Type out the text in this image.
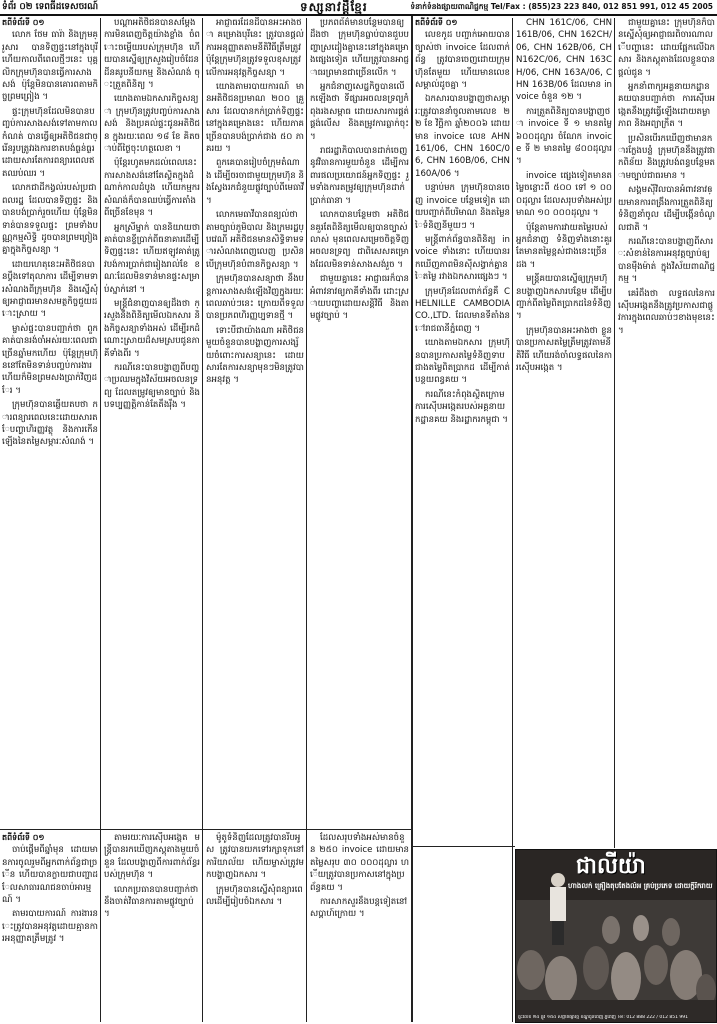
ទំព័រ ០២ ទេពធីដទេសចរណ៍	ទស្សនាវដ្តីខ្មែរ	ទំនាក់ទំនងផ្សាយពាណិជ្ជកម្ម Tel/Fax : (855)23 223 840, 012 851 991, 012 45 2005
តពីទំព័រទី ០១

លោក ថែម ធារ៉ា និងក្រុមគ្រួសារ បានទិញផ្ទះនៅក្នុងបុរី ហើយកាលពីពេលថ្មីៗនេះ បុគ្គលិកក្រុមហ៊ុនបានធ្វើការសាងសង់ ប៉ុន្តែមិនបានគោរពតាមកិច្ចព្រមព្រៀង ។

ផ្ទះក្រុមហ៊ុនដែលមិនបានបញ្ចប់ការសាងសង់ទៅតាមកាលកំណត់ បានធ្វើឲ្យអតិថិជនជាច្រើនរូបត្រូវរងការខាតបង់ធ្ងន់ធ្ងរ ដោយសារតែការពន្យារពេលឥតឈប់ឈរ ។

លោកជាដីកង្វល់របស់ប្រជាពលរដ្ឋ ដែលបានទិញផ្ទះ និងបានបង់ប្រាក់រួចហើយ ប៉ុន្តែមិនទាន់បានទទួលផ្ទះ ព្រមទាំងបណ្ណកម្មសិទ្ធិ ដូចបានព្រមព្រៀងគ្នាក្នុងកិច្ចសន្យា ។

ដោយហេតុនេះអតិថិជនបានប្តឹងទៅតុលាការ ដើម្បីទាមទារសំណងពីក្រុមហ៊ុន និងស្នើសុំឲ្យអាជ្ញាធរមានសមត្ថកិច្ចជួយដោះស្រាយ ។

ម្ចាស់ផ្ទះបានបញ្ជាក់ថា ពួកគាត់បានរង់ចាំអស់រយៈពេលជាច្រើនឆ្នាំមកហើយ ប៉ុន្តែក្រុមហ៊ុននៅតែមិនទាន់បញ្ចប់ការងារ ហើយក៏មិនព្រមសងប្រាក់វិញដែរ ។

ក្រុមហ៊ុនបានឆ្លើយតបថា ការពន្យារពេលនេះដោយសារតែបញ្ហាហិរញ្ញវត្ថុ និងការកើនឡើងនៃតម្លៃសម្ភារៈសំណង់ ។

បណ្តាអតិថិជនបានសម្តែងការមិនពេញចិត្តយ៉ាងខ្លាំង ចំពោះចម្លើយរបស់ក្រុមហ៊ុន ហើយបានស្នើឲ្យក្រសួងរៀបចំដែនដីនគរូបនីយកម្ម និងសំណង់ ចុះត្រួតពិនិត្យ ។

យោងតាមឯកសារកិច្ចសន្យា ក្រុមហ៊ុនត្រូវបញ្ចប់ការសាងសង់ និងប្រគល់ផ្ទះជូនអតិថិជន ក្នុងរយៈពេល ១៨ ខែ គិតចាប់ពីថ្ងៃចុះហត្ថលេខា ។

ប៉ុន្តែរហូតមកដល់ពេលនេះ ការសាងសង់នៅតែស្ថិតក្នុងដំណាក់កាលដំបូង ហើយកម្មករសំណង់ក៏បានឈប់ធ្វើការតាំងពីច្រើនខែមុន ។

អ្នកស្រីម្នាក់ បាននិយាយថា គាត់បានខ្ចីប្រាក់ពីធនាគារដើម្បីទិញផ្ទះនេះ ហើយឥឡូវគាត់ត្រូវបង់ការប្រាក់ជារៀងរាល់ខែ ខណៈដែលមិនទាន់មានផ្ទះសម្រាប់ស្នាក់នៅ ។

មន្ត្រីជំនាញបានឲ្យដឹងថា ក្រសួងនឹងពិនិត្យមើលឯកសារ និងកិច្ចសន្យាទាំងអស់ ដើម្បីរកដំណោះស្រាយដ៏សមស្របជូនភាគីទាំងពីរ ។

ករណីនេះបានបង្ហាញពីបញ្ហាប្រឈមក្នុងវិស័យអចលនទ្រព្យ ដែលតម្រូវឲ្យមានច្បាប់ និងបទប្បញ្ញត្តិកាន់តែតឹងរ៉ឹង ។

អាជ្ញាធរដែនដីបានអះអាងថា គម្រោងបុរីនេះ ត្រូវបានផ្តល់ការអនុញ្ញាតតាមនីតិវិធីត្រឹមត្រូវ ប៉ុន្តែក្រុមហ៊ុនត្រូវទទួលខុសត្រូវលើការអនុវត្តកិច្ចសន្យា ។

យោងតាមរបាយការណ៍ មានអតិថិជនប្រមាណ ២០០ គ្រួសារ ដែលបានកក់ប្រាក់ទិញផ្ទះនៅក្នុងគម្រោងនេះ ហើយភាគច្រើនបានបង់ប្រាក់ជាង ៥០ ភាគរយ ។

ពួកគេបានរៀបចំក្រុមតំណាង ដើម្បីចរចាជាមួយក្រុមហ៊ុន និងស្វែងរកជំនួយផ្លូវច្បាប់ពីមេធាវី ។

លោកមេធាវីបានពន្យល់ថា តាមច្បាប់ភូមិបាល និងក្រមរដ្ឋប្បវេណី អតិថិជនមានសិទ្ធិទាមទារសំណងពេញលេញ ប្រសិនបើក្រុមហ៊ុនបំពានកិច្ចសន្យា ។

ក្រុមហ៊ុនបានសន្យាថា នឹងបន្តការសាងសង់ឡើងវិញក្នុងរយៈពេលឆាប់ៗនេះ ក្រោយពីទទួលបានប្រភពហិរញ្ញប្បទានថ្មី ។

ទោះបីជាយ៉ាងណា អតិថិជនមួយចំនួនបានបង្ហាញការសង្ស័យចំពោះការសន្យានេះ ដោយសារតែការសន្យាមុនៗមិនត្រូវបានអនុវត្ត ។

ប្រភពព័ត៌មានបន្ថែមបានឲ្យដឹងថា ក្រុមហ៊ុនធ្លាប់បានជួបបញ្ហាស្រដៀងគ្នានេះនៅក្នុងគម្រោងផ្សេងទៀត ហើយត្រូវបានអាជ្ញាធរព្រមានជាច្រើនលើក ។

អ្នកជំនាញសេដ្ឋកិច្ចបានលើកឡើងថា ទីផ្សារអចលនទ្រព្យកំពុងរងសម្ពាធ ដោយសារការផ្គត់ផ្គង់លើស និងតម្រូវការធ្លាក់ចុះ ។

រាជរដ្ឋាភិបាលបានដាក់ចេញនូវវិធានការមួយចំនួន ដើម្បីការពារផលប្រយោជន៍អ្នកទិញផ្ទះ រួមទាំងការតម្រូវឲ្យក្រុមហ៊ុនដាក់ប្រាក់ធានា ។

លោកបានបន្ថែមថា អតិថិជនគួរតែពិនិត្យមើលឲ្យបានច្បាស់លាស់ មុនពេលសម្រេចចិត្តទិញអចលនទ្រព្យ ជាពិសេសគម្រោងដែលមិនទាន់សាងសង់រួច ។

ជាមួយគ្នានេះ អាជ្ញាធរក៏បានអំពាវនាវឲ្យភាគីទាំងពីរ ដោះស្រាយបញ្ហាដោយសន្តិវិធី និងតាមផ្លូវច្បាប់ ។

តពីទំព័រទី ០១

លេខកូដ បញ្ជាក់អោយបានច្បាស់ថា invoice ដែលពាក់ព័ន្ធ ត្រូវបានចេញដោយក្រុមហ៊ុនតែមួយ ហើយមានលេខសម្គាល់ដូចគ្នា ។

ឯកសារបានបង្ហាញថាសម្ភារៈត្រូវបាននាំចូលតាមលេខ ២២ ខែ វិច្ឆិកា ឆ្នាំ២០០៦ ដោយមាន invoice លេខ AHN 161/06, CHN 160C/06, CHN 160B/06, CHN 160A/06 ។

បន្ទាប់មក ក្រុមហ៊ុនបានចេញ invoice បន្ថែមទៀត ដោយបញ្ជាក់ពីបរិមាណ និងតម្លៃនៃទំនិញនីមួយៗ ។

មន្ត្រីពាក់ព័ន្ធបានពិនិត្យ invoice ទាំងនោះ ហើយបានរកឃើញភាពមិនស៊ីសង្វាក់គ្នានៃតម្លៃ រវាងឯកសារផ្សេងៗ ។

ក្រុមហ៊ុនដែលពាក់ព័ន្ធគឺ CHELNILLE CAMBODIA CO.,LTD. ដែលមានទីតាំងនៅរាជធានីភ្នំពេញ ។

យោងតាមឯកសារ ក្រុមហ៊ុនបានប្រកាសតម្លៃទំនិញទាបជាងតម្លៃពិតប្រាកដ ដើម្បីកាត់បន្ថយពន្ធគយ ។

ករណីនេះកំពុងស្ថិតក្រោមការស៊ើបអង្កេតរបស់អគ្គនាយកដ្ឋានគយ និងរដ្ឋាករកម្ពុជា ។

CHN 161C/06, CHN 161B/06, CHN 162CH/06, CHN 162B/06, CHN162C/06, CHN 163CH/06, CHN 163A/06, CHN 163B/06 ដែលមាន invoice ចំនួន ១២ ។

ការត្រួតពិនិត្យបានបង្ហាញថា invoice ទី ១ មានតម្លៃ ៦០០ដុល្លារ ចំណែក invoice ទី ២ មានតម្លៃ ៨០០ដុល្លារ ។

invoice ផ្សេងទៀតមានតម្លៃចន្លោះពី ៥០០ ទៅ ១ ០០០ដុល្លារ ដែលសរុបទាំងអស់ប្រមាណ ១០ ០០០ដុល្លារ ។

ប៉ុន្តែតាមការវាយតម្លៃរបស់អ្នកជំនាញ ទំនិញទាំងនោះគួរតែមានតម្លៃខ្ពស់ជាងនេះច្រើនដង ។

មន្ត្រីគយបានស្នើឲ្យក្រុមហ៊ុនបង្ហាញឯកសារបន្ថែម ដើម្បីបញ្ជាក់ពីតម្លៃពិតប្រាកដនៃទំនិញ ។

ក្រុមហ៊ុនបានអះអាងថា ខ្លួនបានប្រកាសតម្លៃត្រឹមត្រូវតាមនីតិវិធី ហើយរង់ចាំលទ្ធផលនៃការស៊ើបអង្កេត ។

ជាមួយគ្នានេះ ក្រុមហ៊ុនក៏បានស្នើសុំឲ្យអាជ្ញាធរពិចារណាលើបញ្ហានេះ ដោយផ្អែកលើឯកសារ និងភស្តុតាងដែលខ្លួនបានផ្តល់ជូន ។

អ្នកនាំពាក្យអគ្គនាយកដ្ឋានគយបានបញ្ជាក់ថា ការស៊ើបអង្កេតនឹងត្រូវធ្វើឡើងដោយតម្លាភាព និងអព្យាក្រឹត ។

ប្រសិនបើរកឃើញថាមានការក្លែងបន្លំ ក្រុមហ៊ុននឹងត្រូវផាកពិន័យ និងត្រូវបង់ពន្ធបន្ថែមតាមច្បាប់ជាធរមាន ។

សង្គមស៊ីវិលបានអំពាវនាវឲ្យមានការពង្រឹងការត្រួតពិនិត្យទំនិញនាំចូល ដើម្បីបង្កើនចំណូលជាតិ ។

ករណីនេះបានបង្ហាញពីសារៈសំខាន់នៃការអនុវត្តច្បាប់ឲ្យបានម៉ឺងម៉ាត់ ក្នុងវិស័យពាណិជ្ជកម្ម ។

គេរំពឹងថា លទ្ធផលនៃការស៊ើបអង្កេតនឹងត្រូវប្រកាសជាផ្លូវការក្នុងពេលឆាប់ៗខាងមុខនេះ ។

តពីទំព័រទី ០១

ចាប់ផ្តើមពីឆ្នាំមុន ដោយមានការចូលរួមពីអ្នកពាក់ព័ន្ធជាច្រើន ហើយបានក្លាយជាបញ្ហាដែលសាធារណជនចាប់អារម្មណ៍ ។

តាមរបាយការណ៍ ការងារនេះត្រូវបានអនុវត្តដោយគ្មានការអនុញ្ញាតត្រឹមត្រូវ ។

តាមរយៈការស៊ើបអង្កេត មន្ត្រីបានរកឃើញភស្តុតាងមួយចំនួន ដែលបង្ហាញពីការពាក់ព័ន្ធរបស់ក្រុមហ៊ុន ។

លោកប្រធានបានបញ្ជាក់ថា នឹងចាត់វិធានការតាមផ្លូវច្បាប់ ។

ម៉ូតូទំនិញដែលត្រូវបានរឹបអូស ត្រូវបានយកទៅរក្សាទុកនៅការិយាល័យ ហើយម្ចាស់ត្រូវមកបង្ហាញឯកសារ ។

ក្រុមហ៊ុនបានស្នើសុំពន្យារពេលដើម្បីរៀបចំឯកសារ ។

ដែលសរុបទាំងអស់មានចំនួន ២៥០ invoice ដោយមានតម្លៃសរុប ៣០ ០០០ដុល្លារ ហើយត្រូវបានប្រកាសនៅក្នុងប្រព័ន្ធគយ ។

ការសាកសួរនឹងបន្តទៀតនៅសប្តាហ៍ក្រោយ ។

ជាលីយ៉ា
ហាងលក់ គ្រឿងតុបតែងលំអ គ្រប់ប្រភេទ ដោយក្តីរីករាយ
ផ្ទះលេខ ២៤ ផ្លូវ ១៥៤ សង្កាត់ផ្សារថ្មី ខណ្ឌដូនពេញ ភ្នំពេញ Tel: 012 888 222 / 012 851 991
